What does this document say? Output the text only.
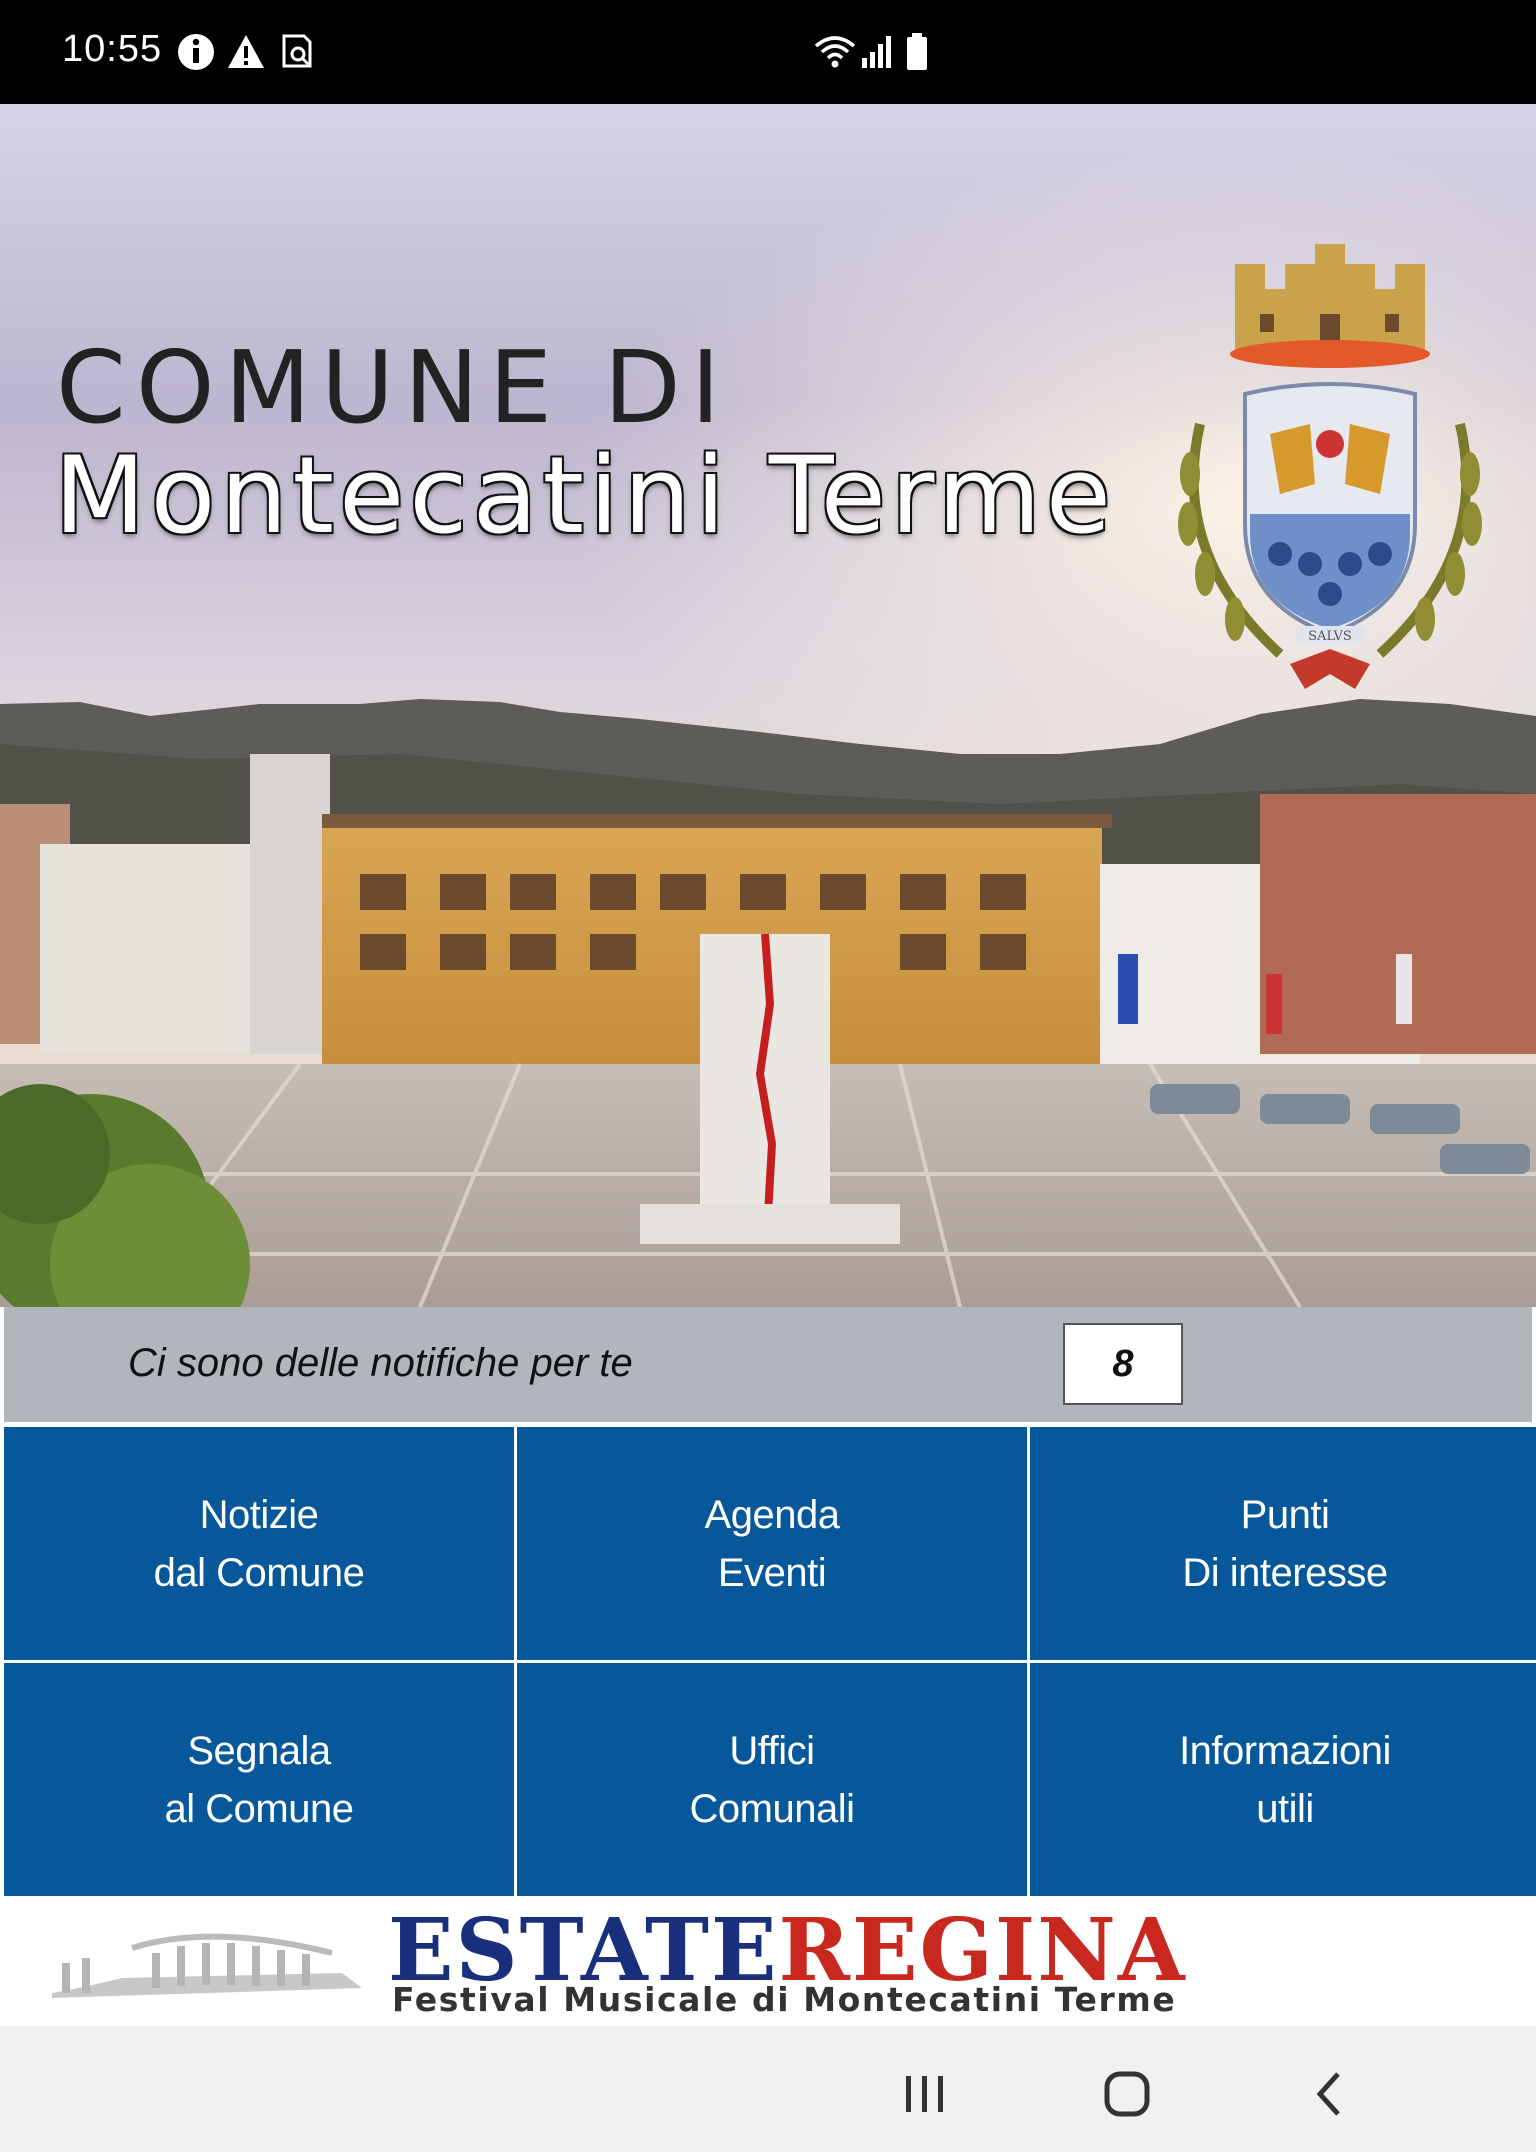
10:55
COMUNE DI
Montecatini Terme
SALVS
Ci sono delle notifiche per te	8
Notizie
dal Comune
Agenda
Eventi
Punti
Di interesse
Segnala
al Comune
Uffici
Comunali
Informazioni
utili
ESTATEREGINA
Festival Musicale di Montecatini Terme
